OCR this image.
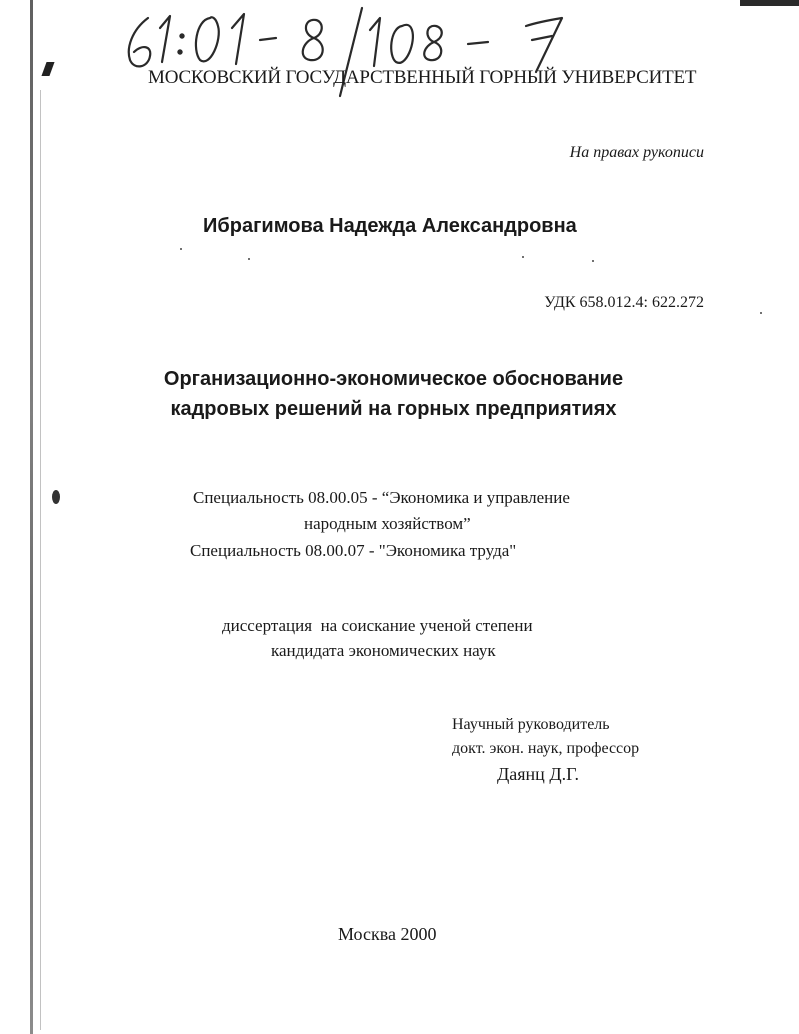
МОСКОВСКИЙ ГОСУДАРСТВЕННЫЙ ГОРНЫЙ УНИВЕРСИТЕТ
На правах рукописи
Ибрагимова Надежда Александровна
УДК 658.012.4: 622.272
Организационно-экономическое обоснование
кадровых решений на горных предприятиях
Специальность 08.00.05 - “Экономика и управление
народным хозяйством”
Специальность 08.00.07 - "Экономика труда"
диссертация  на соискание ученой степени
кандидата экономических наук
Научный руководитель
докт. экон. наук, профессор
Даянц Д.Г.
Москва 2000
